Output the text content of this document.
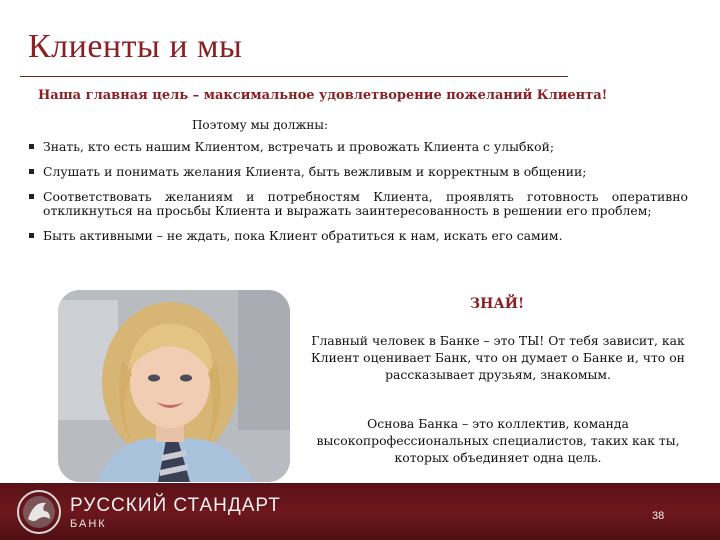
Клиенты и мы
Наша главная цель – максимальное удовлетворение пожеланий Клиента!
Поэтому мы должны:
Знать, кто есть нашим Клиентом, встречать и провожать Клиента с улыбкой;
Слушать и понимать желания Клиента, быть вежливым и корректным в общении;
Соответствовать желаниям и потребностям Клиента, проявлять готовность оперативно откликнуться на просьбы Клиента и выражать заинтересованность в решении его проблем;
Быть активными – не ждать, пока Клиент обратиться к нам, искать его самим.
ЗНАЙ!
Главный человек в Банке – это ТЫ! От тебя зависит, как Клиент оценивает Банк, что он думает о Банке и, что он рассказывает друзьям, знакомым.
Основа Банка – это коллектив, команда высокопрофессиональных специалистов, таких как ты, которых объединяет одна цель.
РУССКИЙ СТАНДАРТ
БАНК
38
